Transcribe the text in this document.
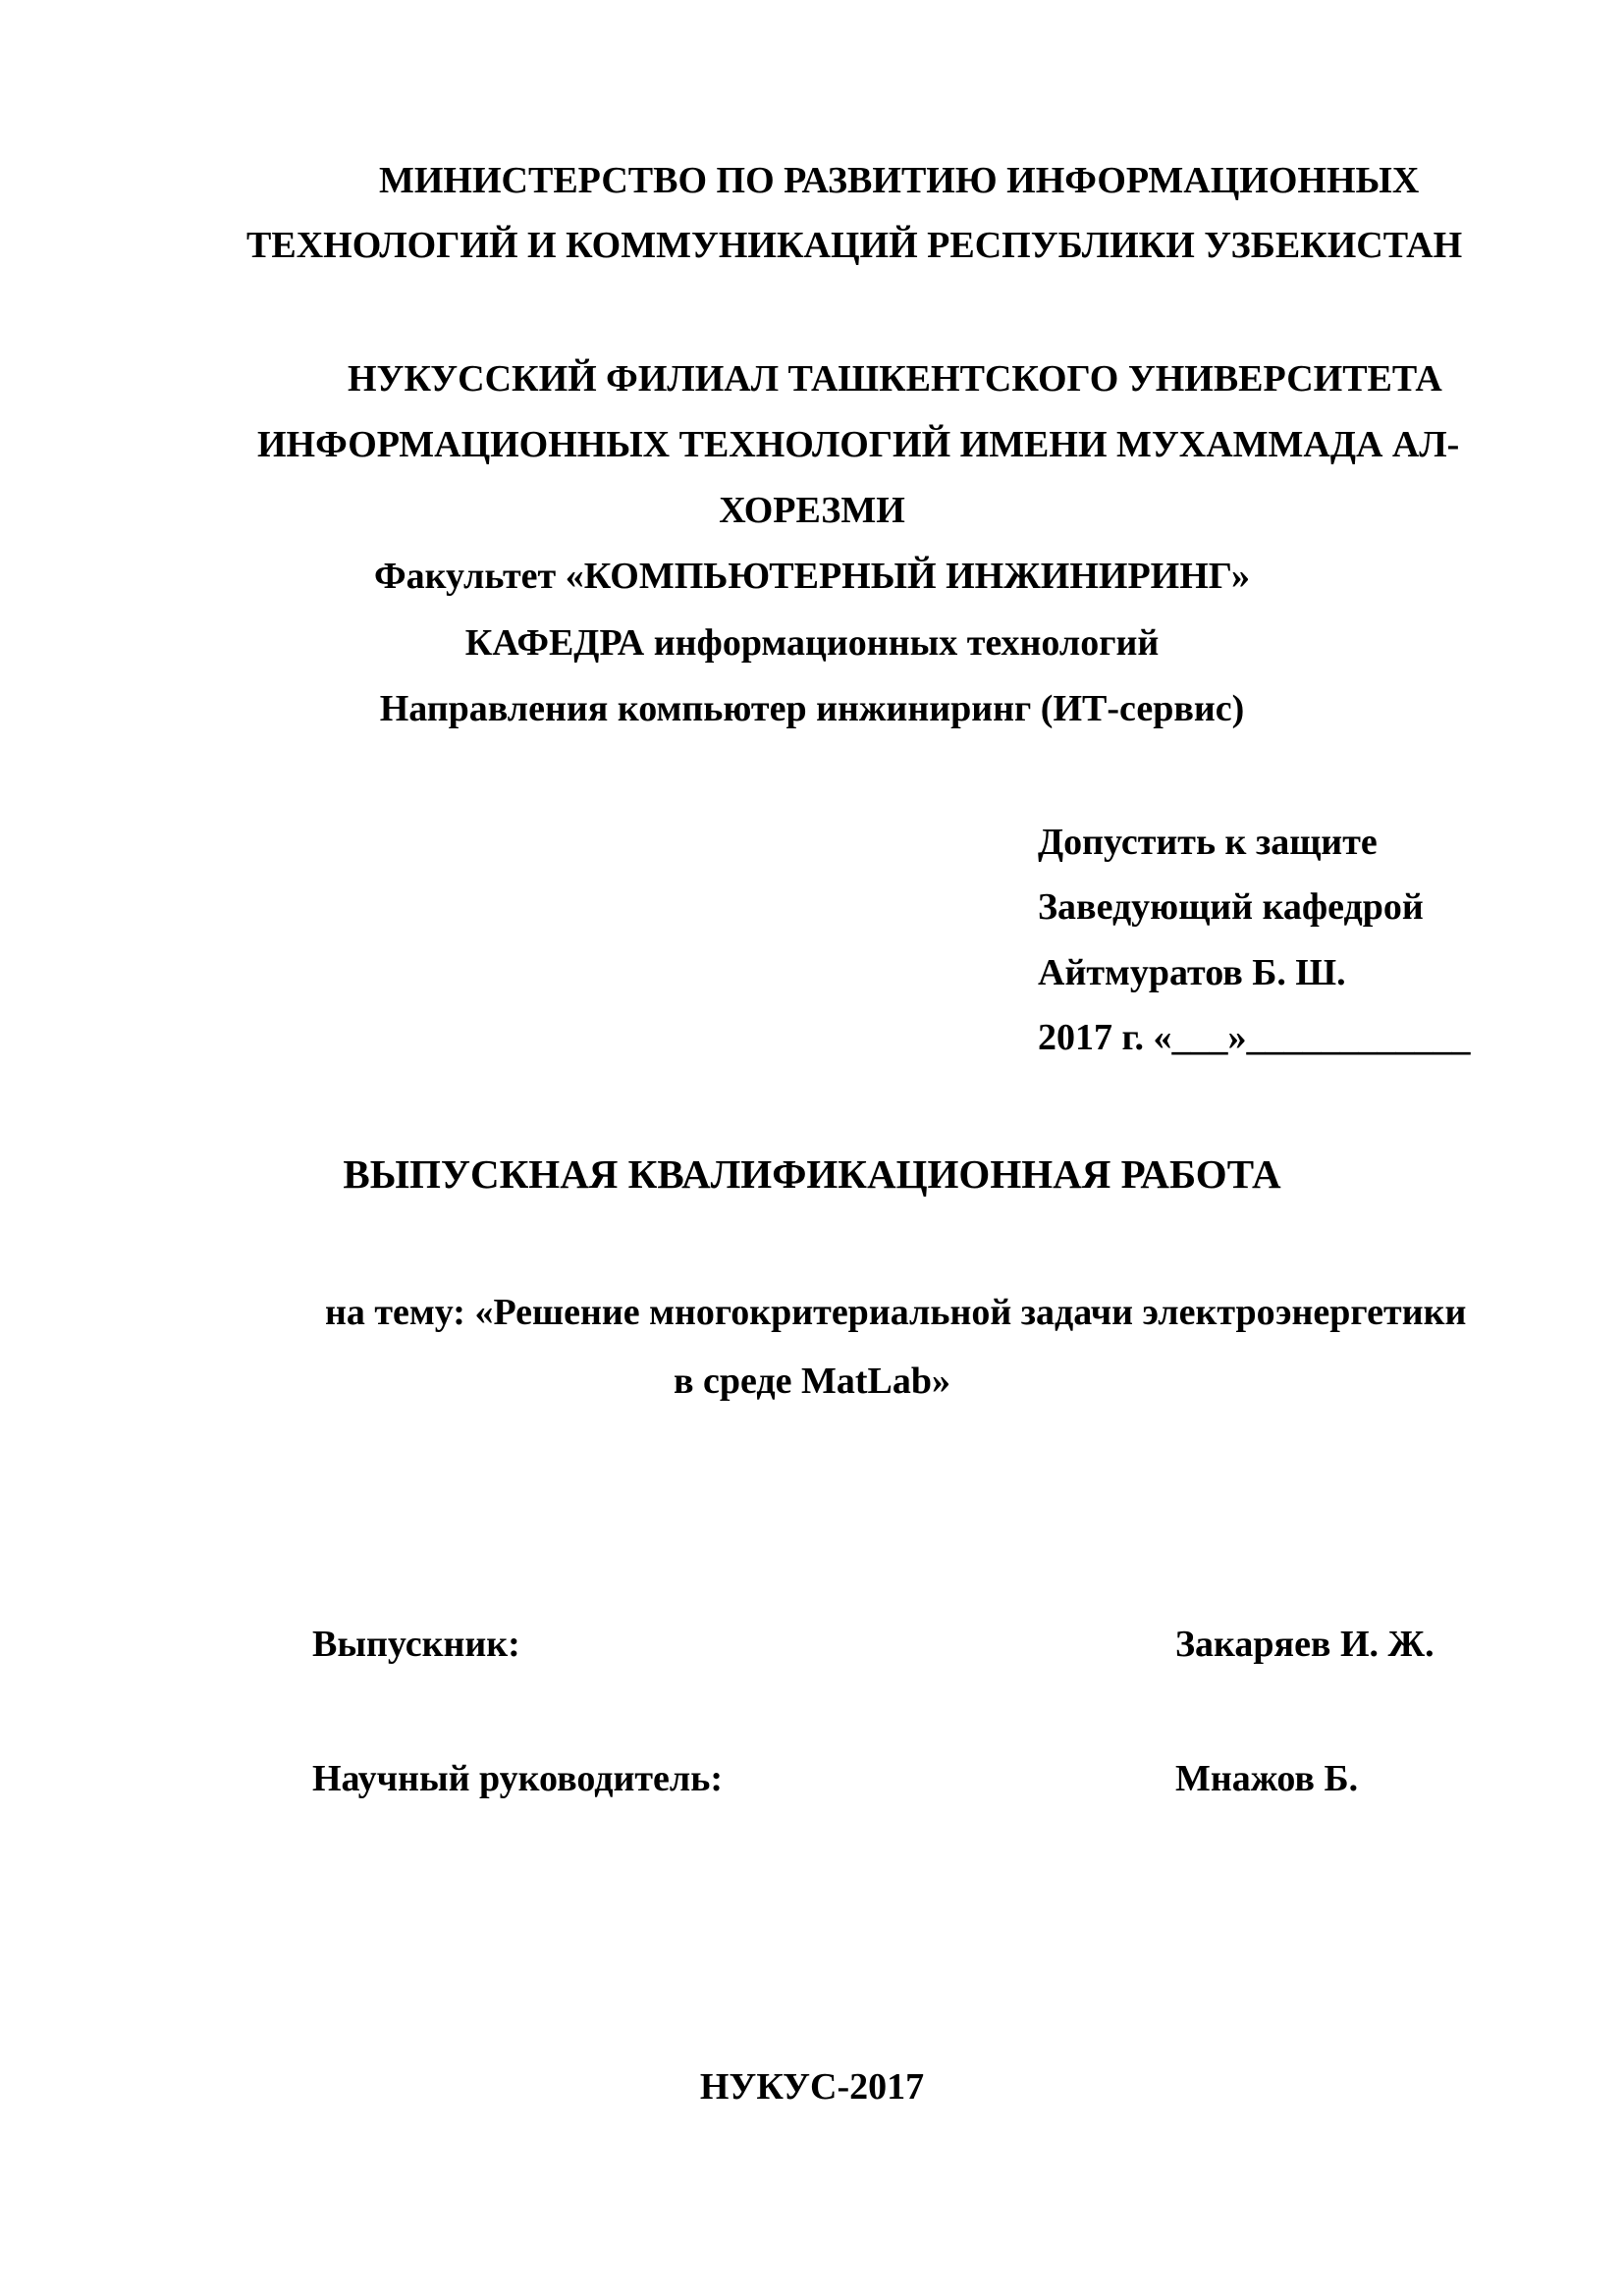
МИНИСТЕРСТВО ПО РАЗВИТИЮ ИНФОРМАЦИОННЫХ
ТЕХНОЛОГИЙ И КОММУНИКАЦИЙ РЕСПУБЛИКИ УЗБЕКИСТАН
НУКУССКИЙ ФИЛИАЛ ТАШКЕНТСКОГО УНИВЕРСИТЕТА
ИНФОРМАЦИОННЫХ ТЕХНОЛОГИЙ ИМЕНИ МУХАММАДА АЛ-
ХОРЕЗМИ
Факультет «КОМПЬЮТЕРНЫЙ ИНЖИНИРИНГ»
КАФЕДРА информационных технологий
Направления компьютер инжиниринг (ИТ-сервис)
Допустить к защите
Заведующий кафедрой
Айтмуратов Б. Ш.
2017 г. «___»____________
ВЫПУСКНАЯ КВАЛИФИКАЦИОННАЯ РАБОТА
на тему: «Решение многокритериальной задачи электроэнергетики
в среде MatLab»
Выпускник:	Закаряев И. Ж.
Научный руководитель:	Мнажов Б.
НУКУС-2017
